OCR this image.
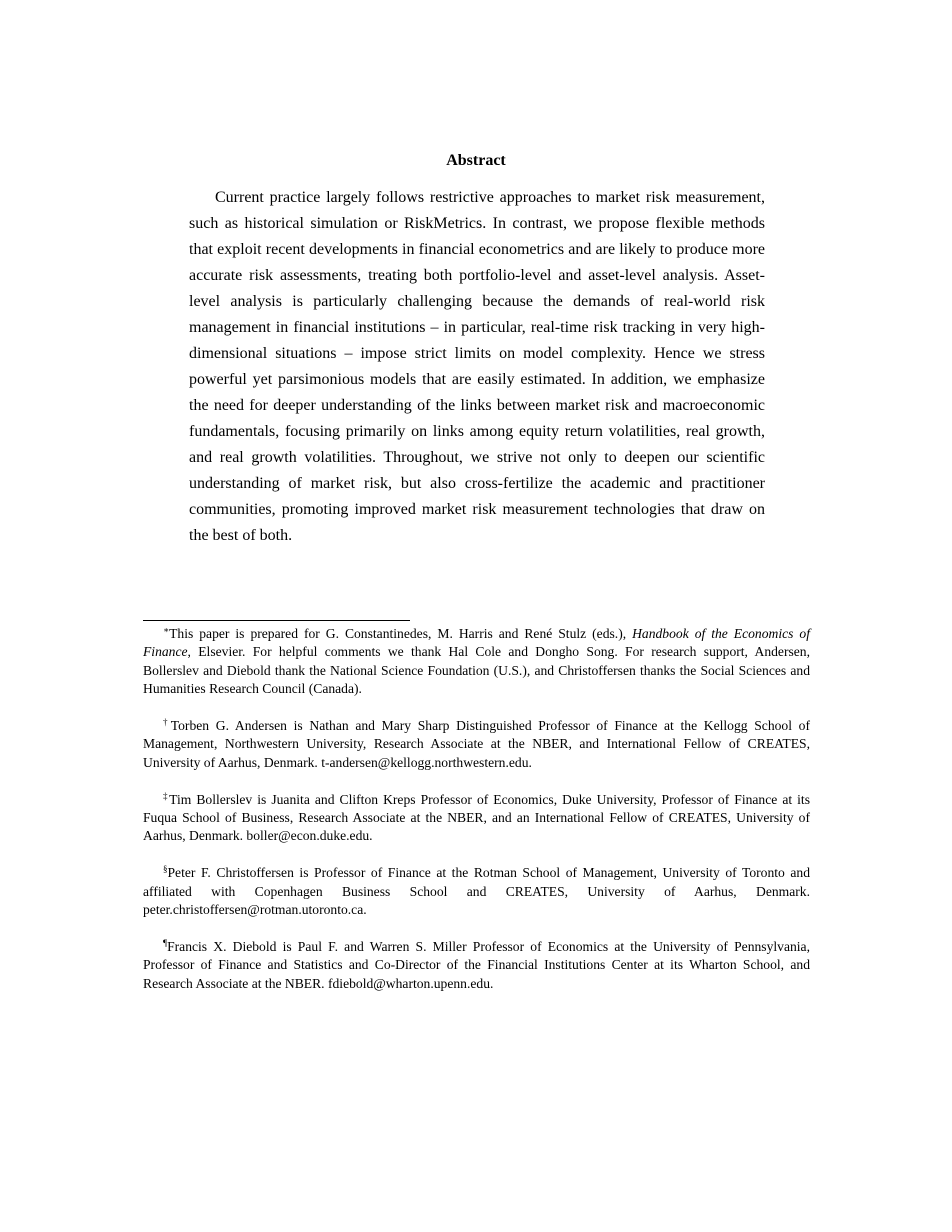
Abstract

Current practice largely follows restrictive approaches to market risk measurement, such as historical simulation or RiskMetrics. In contrast, we propose flexible methods that exploit recent developments in financial econometrics and are likely to produce more accurate risk assessments, treating both portfolio-level and asset-level analysis. Asset-level analysis is particularly challenging because the demands of real-world risk management in financial institutions – in particular, real-time risk tracking in very high-dimensional situations – impose strict limits on model complexity. Hence we stress powerful yet parsimonious models that are easily estimated. In addition, we emphasize the need for deeper understanding of the links between market risk and macroeconomic fundamentals, focusing primarily on links among equity return volatilities, real growth, and real growth volatilities. Throughout, we strive not only to deepen our scientific understanding of market risk, but also cross-fertilize the academic and practitioner communities, promoting improved market risk measurement technologies that draw on the best of both.

∗This paper is prepared for G. Constantinedes, M. Harris and René Stulz (eds.), Handbook of the Economics of Finance, Elsevier. For helpful comments we thank Hal Cole and Dongho Song. For research support, Andersen, Bollerslev and Diebold thank the National Science Foundation (U.S.), and Christoffersen thanks the Social Sciences and Humanities Research Council (Canada).

†Torben G. Andersen is Nathan and Mary Sharp Distinguished Professor of Finance at the Kellogg School of Management, Northwestern University, Research Associate at the NBER, and International Fellow of CREATES, University of Aarhus, Denmark. t-andersen@kellogg.northwestern.edu.

‡Tim Bollerslev is Juanita and Clifton Kreps Professor of Economics, Duke University, Professor of Finance at its Fuqua School of Business, Research Associate at the NBER, and an International Fellow of CREATES, University of Aarhus, Denmark. boller@econ.duke.edu.

§Peter F. Christoffersen is Professor of Finance at the Rotman School of Management, University of Toronto and affiliated with Copenhagen Business School and CREATES, University of Aarhus, Denmark. peter.christoffersen@rotman.utoronto.ca.

¶Francis X. Diebold is Paul F. and Warren S. Miller Professor of Economics at the University of Pennsylvania, Professor of Finance and Statistics and Co-Director of the Financial Institutions Center at its Wharton School, and Research Associate at the NBER. fdiebold@wharton.upenn.edu.
